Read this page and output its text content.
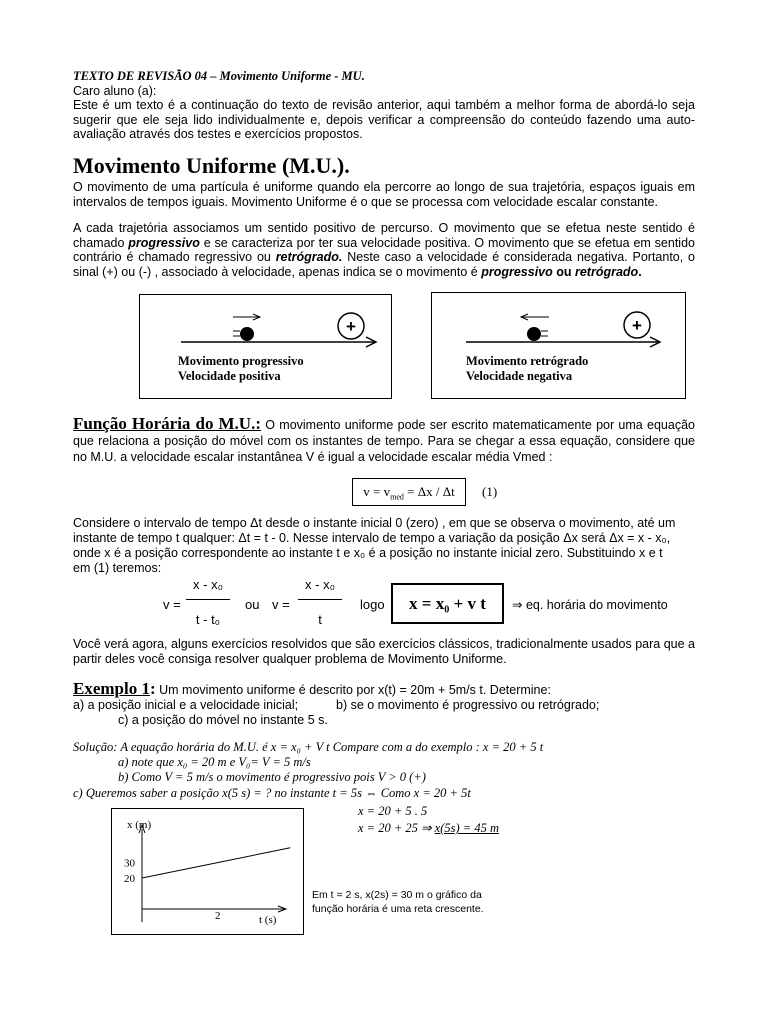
TEXTO DE REVISÃO 04 – Movimento Uniforme - MU.
Caro aluno (a):
Este é um texto é a continuação do texto de revisão anterior, aqui também a melhor forma de abordá-lo seja sugerir que ele seja lido individualmente e, depois verificar a compreensão do conteúdo fazendo uma auto-avaliação através dos testes e exercícios propostos.
Movimento Uniforme (M.U.).
O movimento de uma partícula é uniforme quando ela percorre ao longo de sua trajetória, espaços iguais em intervalos de tempos iguais. Movimento Uniforme é o que se processa com velocidade escalar constante.
A cada trajetória associamos um sentido positivo de percurso. O movimento que se efetua neste sentido é chamado progressivo e se caracteriza por ter sua velocidade positiva. O movimento que se efetua em sentido contrário é chamado regressivo ou retrógrado. Neste caso a velocidade é considerada negativa. Portanto, o sinal (+) ou (-) , associado à velocidade, apenas indica se o movimento é progressivo ou retrógrado.
+
Movimento progressivo
Velocidade positiva
+
Movimento retrógrado
Velocidade negativa
Função Horária do M.U.: O movimento uniforme pode ser escrito matematicamente por uma equação que relaciona a posição do móvel com os instantes de tempo. Para se chegar a essa equação, considere que no M.U. a velocidade escalar instantânea V é igual a velocidade escalar média Vmed :
$v = v_{med} = \Delta x / \Delta t$	(1)
Considere o intervalo de tempo Δt desde o instante inicial 0 (zero) , em que se observa o movimento, até um
instante de tempo t qualquer: Δt = t - 0. Nesse intervalo de tempo a variação da posição Δx será Δx = x - x₀,
onde x é a posição correspondente ao instante t e x₀ é a posição no instante inicial zero. Substituindo x e t
em (1) teremos:
v =
x - x₀
t - t₀
ou v =
x - x₀
t
logo	x = x₀ + v t	⇒ eq. horária do movimento
Você verá agora, alguns exercícios resolvidos que são exercícios clássicos, tradicionalmente usados para que a partir deles você consiga resolver qualquer problema de Movimento Uniforme.
Exemplo 1: Um movimento uniforme é descrito por x(t) = 20m + 5m/s t. Determine:
a) a posição inicial e a velocidade inicial;	b) se o movimento é progressivo ou retrógrado;
c) a posição do móvel no instante 5 s.
Solução: A equação horária do M.U. é x = x₀ + V t Compare com a do exemplo : x = 20 + 5 t
a) note que x₀ = 20 m e V₀= V = 5 m/s
b) Como V = 5 m/s o movimento é progressivo pois V > 0 (+)
c) Queremos saber a posição x(5 s) = ? no instante t = 5s ⇔ Como x = 20 + 5t
x = 20 + 5 . 5
x = 20 + 25 ⇒ x(5s) = 45 m
x (m)
t (s)
20
30
2
Em t = 2 s, x(2s) = 30 m o gráfico da
função horária é uma reta crescente.
